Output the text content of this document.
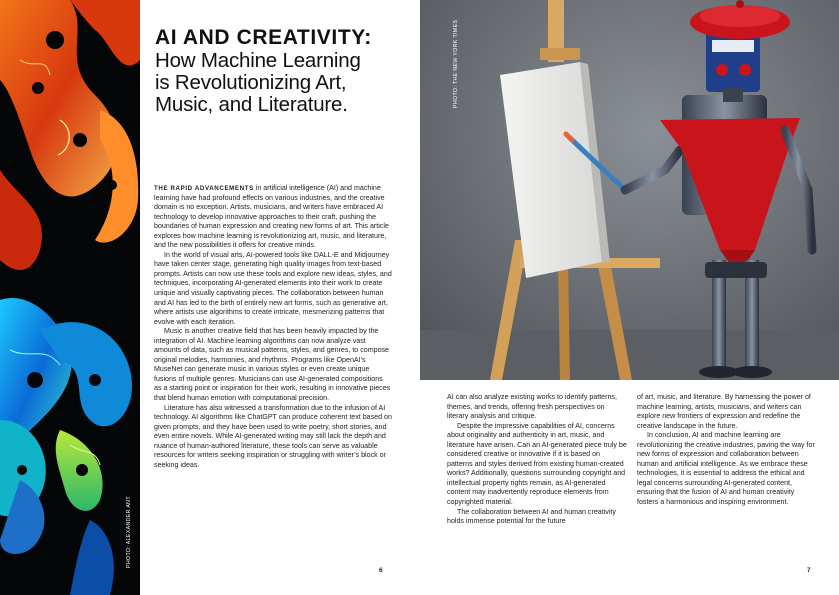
PHOTO: ALEXANDER ANT
AI AND CREATIVITY:
How Machine Learning
is Revolutionizing Art,
Music, and Literature.

THE RAPID ADVANCEMENTS in artificial intelligence (AI) and machine learning have had profound effects on various industries, and the creative domain is no exception. Artists, musicians, and writers have embraced AI technology to develop innovative approaches to their craft, pushing the boundaries of human expression and creating new forms of art. This article explores how machine learning is revolutionizing art, music, and literature, and the new possibilities it offers for creative minds.

In the world of visual arts, AI-powered tools like DALL-E and Midjourney have taken center stage, generating high quality images from text-based prompts. Artists can now use these tools and explore new ideas, styles, and techniques, incorporating AI-generated elements into their work to create unique and visually captivating pieces. The collaboration between human and AI has led to the birth of entirely new art forms, such as generative art, where artists use algorithms to create intricate, mesmerizing patterns that evolve with each iteration.

Music is another creative field that has been heavily impacted by the integration of AI. Machine learning algorithms can now analyze vast amounts of data, such as musical patterns, styles, and genres, to compose original melodies, harmonies, and rhythms. Programs like OpenAI’s MuseNet can generate music in various styles or even create unique fusions of multiple genres. Musicians can use AI-generated compositions as a starting point or inspiration for their work, resulting in innovative pieces that blend human emotion with computational precision.

Literature has also witnessed a transformation due to the infusion of AI technology. AI algorithms like ChatGPT can produce coherent text based on given prompts, and they have been used to write poetry, short stories, and even entire novels. While AI-generated writing may still lack the depth and nuance of human-authored literature, these tools can serve as valuable resources for writers seeking inspiration or struggling with writer’s block or seeking ideas.

6	7
PHOTO: THE NEW YORK TIMES

AI can also analyze existing works to identify patterns, themes, and trends, offering fresh perspectives on literary analysis and critique.

Despite the impressive capabilities of AI, concerns about originality and authenticity in art, music, and literature have arisen. Can an AI-generated piece truly be considered creative or innovative if it is based on patterns and styles derived from existing human-created works? Additionally, questions surrounding copyright and intellectual property rights remain, as AI-generated content may inadvertently reproduce elements from copyrighted material.

The collaboration between AI and human creativity holds immense potential for the future

of art, music, and literature. By harnessing the power of machine learning, artists, musicians, and writers can explore new frontiers of expression and redefine the creative landscape in the future.

In conclusion, AI and machine learning are revolutionizing the creative industries, paving the way for new forms of expression and collaboration between human and artificial intelligence. As we embrace these technologies, it is essential to address the ethical and legal concerns surrounding AI-generated content, ensuring that the fusion of AI and human creativity fosters a harmonious and inspiring environment.
